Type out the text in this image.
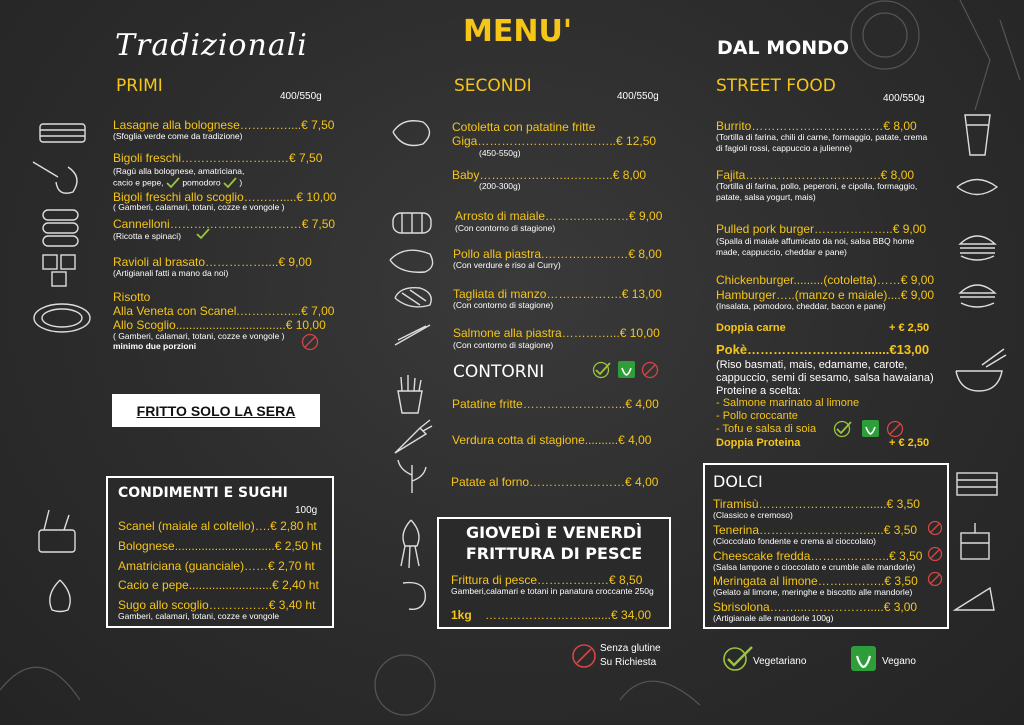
Tradizionali
PRIMI
400/550g
Lasagne alla bolognese…………....€ 7,50
(Sfoglia verde come da tradizione)
Bigoli freschi………………………€ 7,50
(Ragù alla bolognese, amatriciana,
cacio e pepe, pomodoro )
Bigoli freschi allo scoglio……….....€ 10,00
( Gamberi, calamari, totani, cozze e vongole )
Cannelloni……………………………€ 7,50
(Ricotta e spinaci)
Ravioli al brasato……………....€ 9,00
(Artigianali fatti a mano da noi)
Risotto
Alla Veneta con Scanel.…………....€ 7,00
Allo Scoglio.................................€ 10,00
( Gamberi, calamari, totani, cozze e vongole )
minimo due porzioni
FRITTO SOLO LA SERA
CONDIMENTI E SUGHI
100g
Scanel (maiale al coltello)….€ 2,80 ht
Bolognese..............................€ 2,50 ht
Amatriciana (guanciale)……€ 2,70 ht
Cacio e pepe.........................€ 2,40 ht
Sugo allo scoglio……………€ 3,40 ht
Gamberi, calamari, totani, cozze e vongole
MENU'
SECONDI
400/550g
Cotoletta con patatine fritte
Giga……………………………..€ 12,50
(450-550g)
Baby…………………..………..€ 8,00
(200-300g)
Arrosto di maiale…………………€ 9,00
(Con contorno di stagione)
Pollo alla piastra.…………………€ 8,00
(Con verdure e riso al Curry)
Tagliata di manzo……………….€ 13,00
(Con contorno di stagione)
Salmone alla piastra…………...€ 10,00
(Con contorno di stagione)
CONTORNI
Patatine fritte……………………..€ 4,00
Verdura cotta di stagione..........€ 4,00
Patate al forno……………………€ 4,00
GIOVEDÌ E VENERDÌ
FRITTURA DI PESCE
Frittura di pesce………………€ 8,50
Gamberi,calamari e totani in panatura croccante 250g
1kg …………………….........€ 34,00
Senza glutine
Su Richiesta
DAL MONDO
STREET FOOD
400/550g
Burrito……………………………€ 8,00
(Tortilla di farina, chili di carne, formaggio, patate, crema
di fagioli rossi, cappuccio a julienne)
Fajita…………………………….€ 8,00
(Tortilla di farina, pollo, peperoni, e cipolla, formaggio,
patate, salsa yogurt, mais)
Pulled pork burger………………..€ 9,00
(Spalla di maiale affumicato da noi, salsa BBQ home
made, cappuccio, cheddar e pane)
Chickenburger.........(cotoletta)……€ 9,00
Hamburger…..(manzo e maiale)....€ 9,00
(Insalata, pomodoro, cheddar, bacon e pane)
Doppia carne	+ € 2,50
Pokè……………………….......€13,00
(Riso basmati, mais, edamame, carote,
cappuccio, semi di sesamo, salsa hawaiana)
Proteine a scelta:
- Salmone marinato al limone
- Pollo croccante
- Tofu e salsa di soia
Doppia Proteina	+ € 2,50
DOLCI
Tiramisù………………………......€ 3,50
(Classico e cremoso)
Tenerina……………………….....€ 3,50
(Cioccolato fondente e crema al cioccolato)
Cheescake fredda………………..€ 3,50
(Salsa lampone o cioccolato e crumble alle mandorle)
Meringata al limone……………..€ 3,50
(Gelato al limone, meringhe e biscotto alle mandorle)
Sbrisolona……....…………….....€ 3,00
(Artigianale alle mandorle 100g)
Vegetariano	Vegano
